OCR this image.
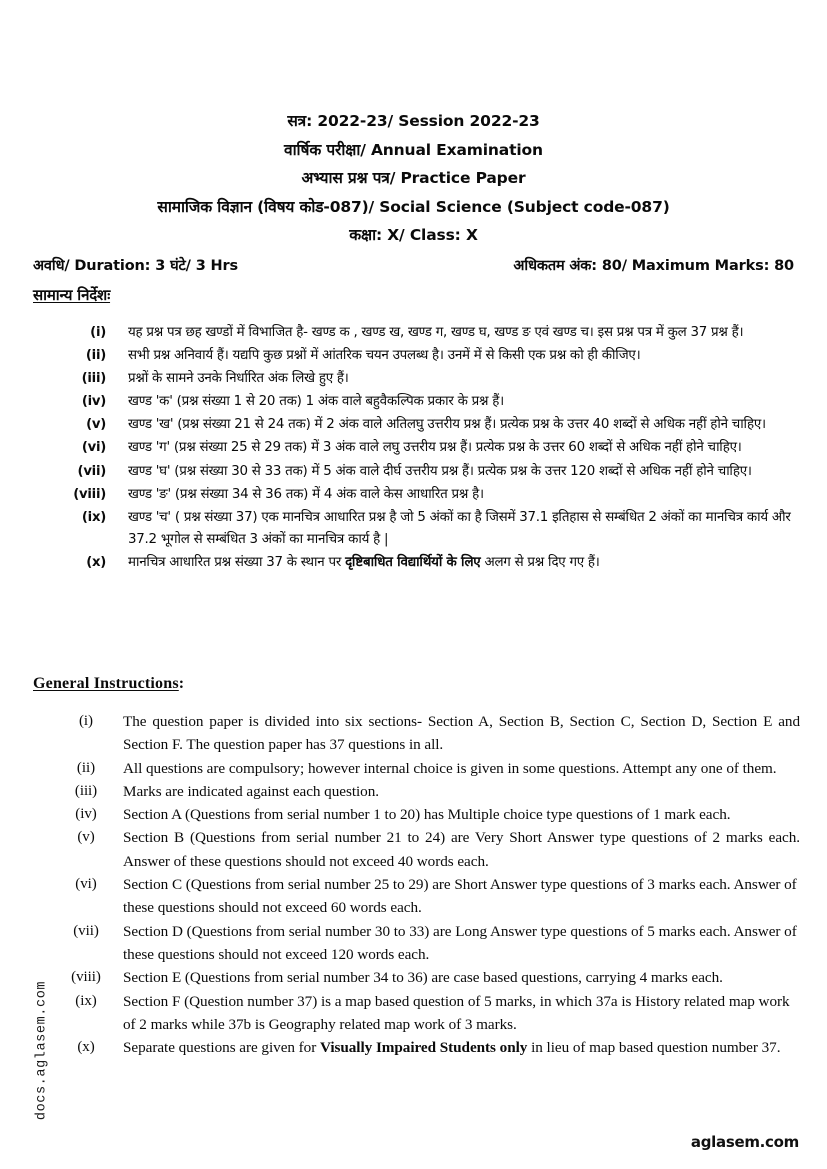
सत्र: 2022-23/ Session 2022-23
वार्षिक परीक्षा/ Annual Examination
अभ्यास प्रश्न पत्र/ Practice Paper
सामाजिक विज्ञान (विषय कोड-087)/ Social Science (Subject code-087)
कक्षा: X/ Class: X
अवधि/ Duration: 3 घंटे/ 3 Hrs	अधिकतम अंक: 80/ Maximum Marks: 80
सामान्य निर्देशः
(i)	यह प्रश्न पत्र छह खण्डों में विभाजित है- खण्ड क , खण्ड ख, खण्ड ग, खण्ड घ, खण्ड ङ एवं खण्ड च। इस प्रश्न पत्र में कुल 37 प्रश्न हैं।
(ii)	सभी प्रश्न अनिवार्य हैं। यद्यपि कुछ प्रश्नों में आंतरिक चयन उपलब्ध है। उनमें में से किसी एक प्रश्न को ही कीजिए।
(iii)	प्रश्नों के सामने उनके निर्धारित अंक लिखे हुए हैं।
(iv)	खण्ड 'क' (प्रश्न संख्या 1 से 20 तक) 1 अंक वाले बहुवैकल्पिक प्रकार के प्रश्न हैं।
(v)	खण्ड 'ख' (प्रश्न संख्या 21 से 24 तक) में 2 अंक वाले अतिलघु उत्तरीय प्रश्न हैं। प्रत्येक प्रश्न के उत्तर 40 शब्दों से अधिक नहीं होने चाहिए।
(vi)	खण्ड 'ग' (प्रश्न संख्या 25 से 29 तक) में 3 अंक वाले लघु उत्तरीय प्रश्न हैं। प्रत्येक प्रश्न के उत्तर 60 शब्दों से अधिक नहीं होने चाहिए।
(vii)	खण्ड 'घ' (प्रश्न संख्या 30 से 33 तक) में 5 अंक वाले दीर्घ उत्तरीय प्रश्न हैं। प्रत्येक प्रश्न के उत्तर 120 शब्दों से अधिक नहीं होने चाहिए।
(viii)	खण्ड 'ङ' (प्रश्न संख्या 34 से 36 तक) में 4 अंक वाले केस आधारित प्रश्न है।
(ix)	खण्ड 'च' ( प्रश्न संख्या 37) एक मानचित्र आधारित प्रश्न है जो 5 अंकों का है जिसमें 37.1 इतिहास से सम्बंधित 2 अंकों का मानचित्र कार्य और 37.2 भूगोल से सम्बंधित 3 अंकों का मानचित्र कार्य है |
(x)	मानचित्र आधारित प्रश्न संख्या 37 के स्थान पर दृष्टिबाधित विद्यार्थियों के लिए अलग से प्रश्न दिए गए हैं।
General Instructions:
(i)	The question paper is divided into six sections- Section A, Section B, Section C, Section D, Section E and Section F. The question paper has 37 questions in all.
(ii)	All questions are compulsory; however internal choice is given in some questions. Attempt any one of them.
(iii)	Marks are indicated against each question.
(iv)	Section A (Questions from serial number 1 to 20) has Multiple choice type questions of 1 mark each.
(v)	Section B (Questions from serial number 21 to 24) are Very Short Answer type questions of 2 marks each. Answer of these questions should not exceed 40 words each.
(vi)	Section C (Questions from serial number 25 to 29) are Short Answer type questions of 3 marks each. Answer of these questions should not exceed 60 words each.
(vii)	Section D (Questions from serial number 30 to 33) are Long Answer type questions of 5 marks each. Answer of these questions should not exceed 120 words each.
(viii)	Section E (Questions from serial number 34 to 36) are case based questions, carrying 4 marks each.
(ix)	Section F (Question number 37) is a map based question of 5 marks, in which 37a is History related map work of 2 marks while 37b is Geography related map work of 3 marks.
(x)	Separate questions are given for Visually Impaired Students only in lieu of map based question number 37.
docs.aglasem.com
aglasem.com
